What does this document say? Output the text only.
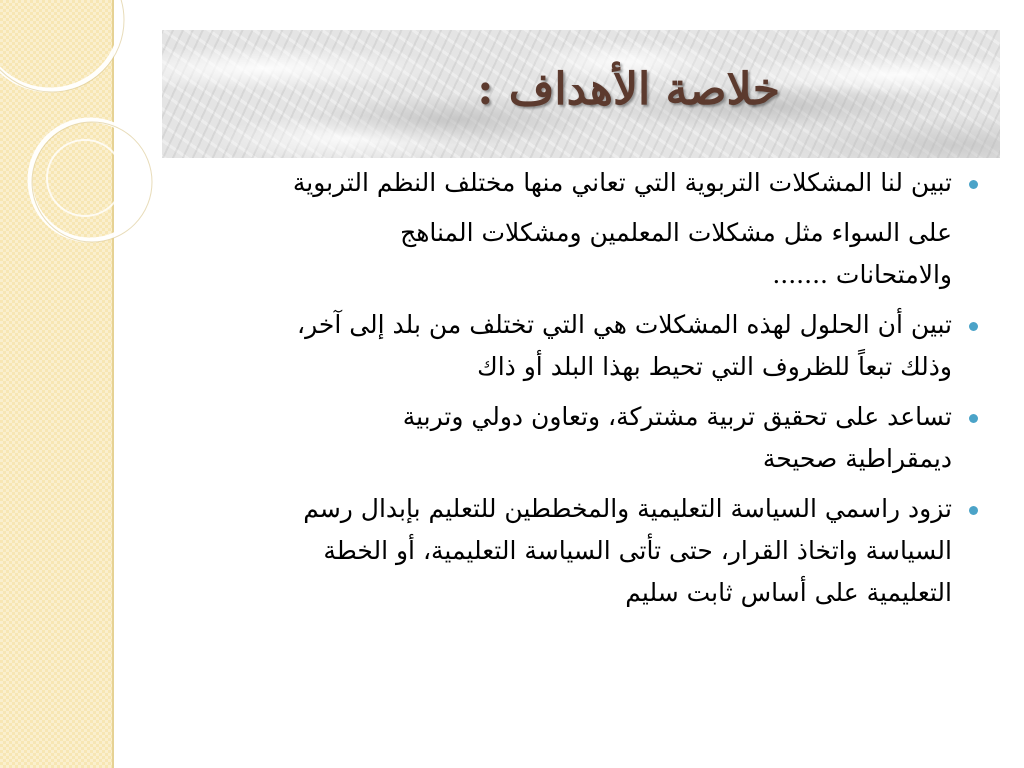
خلاصة الأهداف :
تبين لنا المشكلات التربوية التي تعاني منها مختلف النظم التربوية
على السواء مثل مشكلات المعلمين ومشكلات المناهج
والامتحانات .......
تبين أن الحلول لهذه المشكلات هي التي تختلف من بلد إلى آخر،
وذلك تبعاً للظروف التي تحيط بهذا البلد أو ذاك
تساعد على تحقيق تربية مشتركة، وتعاون دولي وتربية
ديمقراطية صحيحة
تزود راسمي السياسة التعليمية والمخططين للتعليم بإبدال رسم
السياسة واتخاذ القرار، حتى تأتى السياسة التعليمية، أو الخطة
التعليمية على أساس ثابت سليم
